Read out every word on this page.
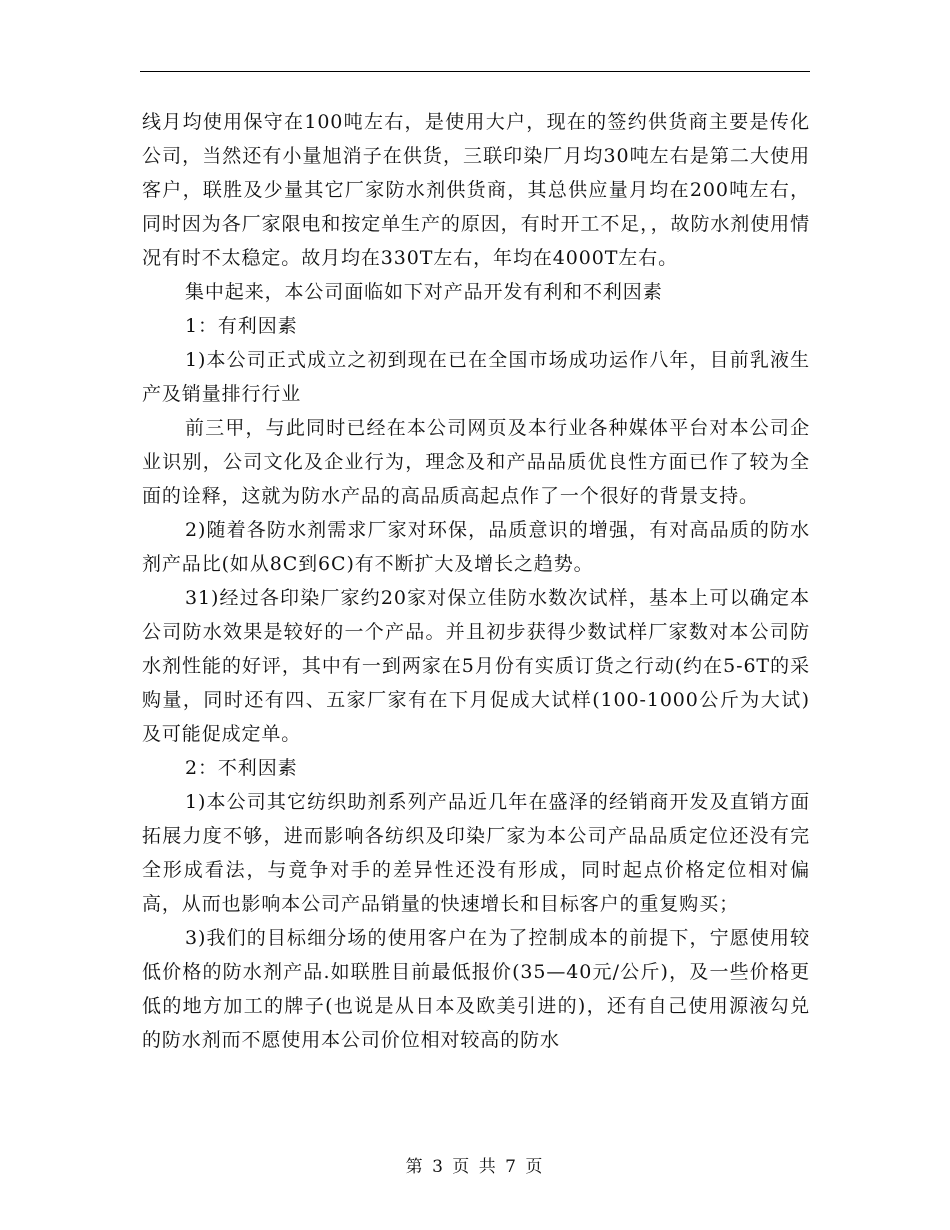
线月均使用保守在100吨左右，是使用大户，现在的签约供货商主要是传化公司，当然还有小量旭消子在供货，三联印染厂月均30吨左右是第二大使用客户，联胜及少量其它厂家防水剂供货商，其总供应量月均在200吨左右，同时因为各厂家限电和按定单生产的原因，有时开工不足，，故防水剂使用情况有时不太稳定。故月均在330T左右，年均在4000T左右。

集中起来，本公司面临如下对产品开发有利和不利因素

1：有利因素

1)本公司正式成立之初到现在已在全国市场成功运作八年，目前乳液生产及销量排行行业

前三甲，与此同时已经在本公司网页及本行业各种媒体平台对本公司企业识别，公司文化及企业行为，理念及和产品品质优良性方面已作了较为全面的诠释，这就为防水产品的高品质高起点作了一个很好的背景支持。

2)随着各防水剂需求厂家对环保，品质意识的增强，有对高品质的防水剂产品比(如从8C到6C)有不断扩大及增长之趋势。

31)经过各印染厂家约20家对保立佳防水数次试样，基本上可以确定本公司防水效果是较好的一个产品。并且初步获得少数试样厂家数对本公司防水剂性能的好评，其中有一到两家在5月份有实质订货之行动(约在5-6T的采购量，同时还有四、五家厂家有在下月促成大试样(100-1000公斤为大试)及可能促成定单。

2：不利因素

1)本公司其它纺织助剂系列产品近几年在盛泽的经销商开发及直销方面拓展力度不够，进而影响各纺织及印染厂家为本公司产品品质定位还没有完全形成看法，与竟争对手的差异性还没有形成，同时起点价格定位相对偏高，从而也影响本公司产品销量的快速增长和目标客户的重复购买；

3)我们的目标细分场的使用客户在为了控制成本的前提下，宁愿使用较低价格的防水剂产品.如联胜目前最低报价(35—40元/公斤)，及一些价格更低的地方加工的牌子(也说是从日本及欧美引进的)，还有自己使用源液勾兑的防水剂而不愿使用本公司价位相对较高的防水

第 3 页 共 7 页
